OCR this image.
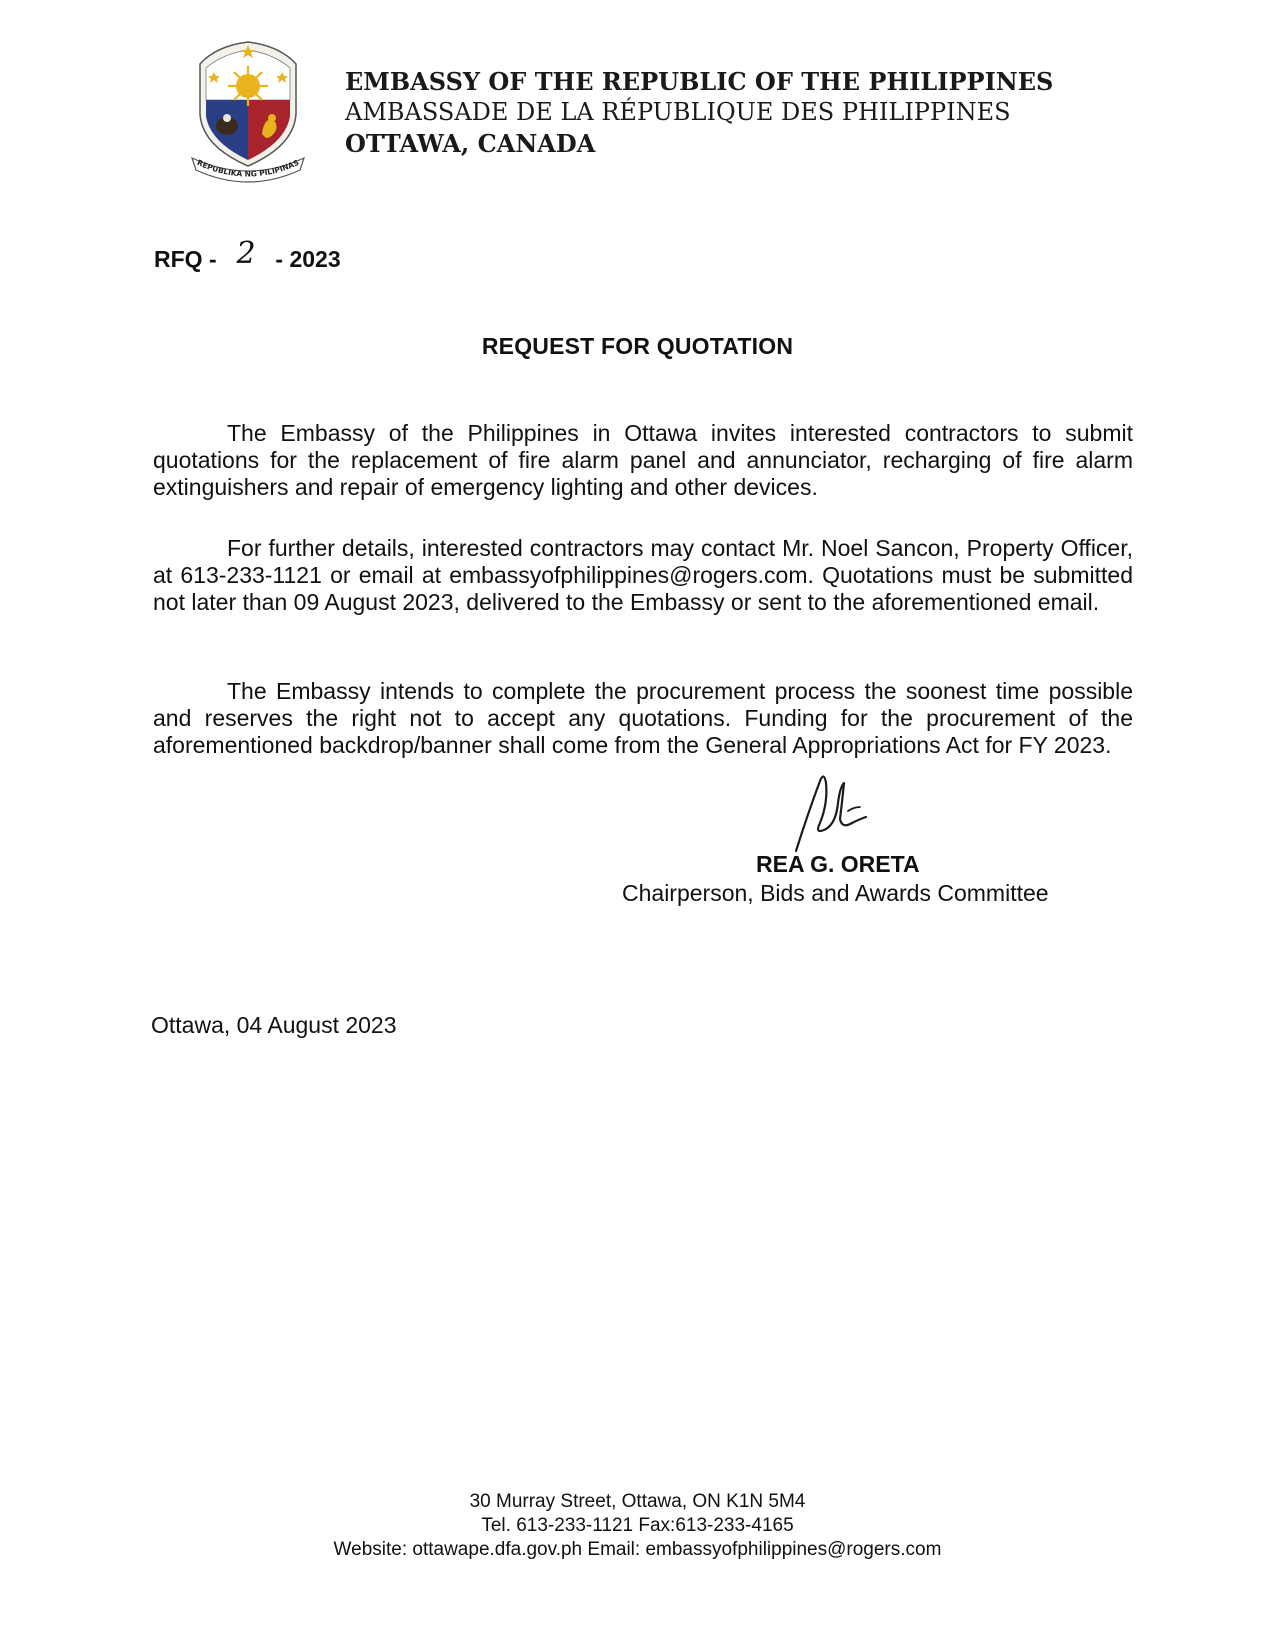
REPUBLIKA NG PILIPINAS
EMBASSY OF THE REPUBLIC OF THE PHILIPPINES
AMBASSADE DE LA RÉPUBLIQUE DES PHILIPPINES
OTTAWA, CANADA
RFQ - 2 - 2023
REQUEST FOR QUOTATION

The Embassy of the Philippines in Ottawa invites interested contractors to submit quotations for the replacement of fire alarm panel and annunciator, recharging of fire alarm extinguishers and repair of emergency lighting and other devices.

For further details, interested contractors may contact Mr. Noel Sancon, Property Officer, at 613-233-1121 or email at embassyofphilippines@rogers.com. Quotations must be submitted not later than 09 August 2023, delivered to the Embassy or sent to the aforementioned email.

The Embassy intends to complete the procurement process the soonest time possible and reserves the right not to accept any quotations. Funding for the procurement of the aforementioned backdrop/banner shall come from the General Appropriations Act for FY 2023.

REA G. ORETA
Chairperson, Bids and Awards Committee
Ottawa, 04 August 2023
30 Murray Street, Ottawa, ON K1N 5M4
Tel. 613-233-1121 Fax:613-233-4165
Website: ottawape.dfa.gov.ph Email: embassyofphilippines@rogers.com
